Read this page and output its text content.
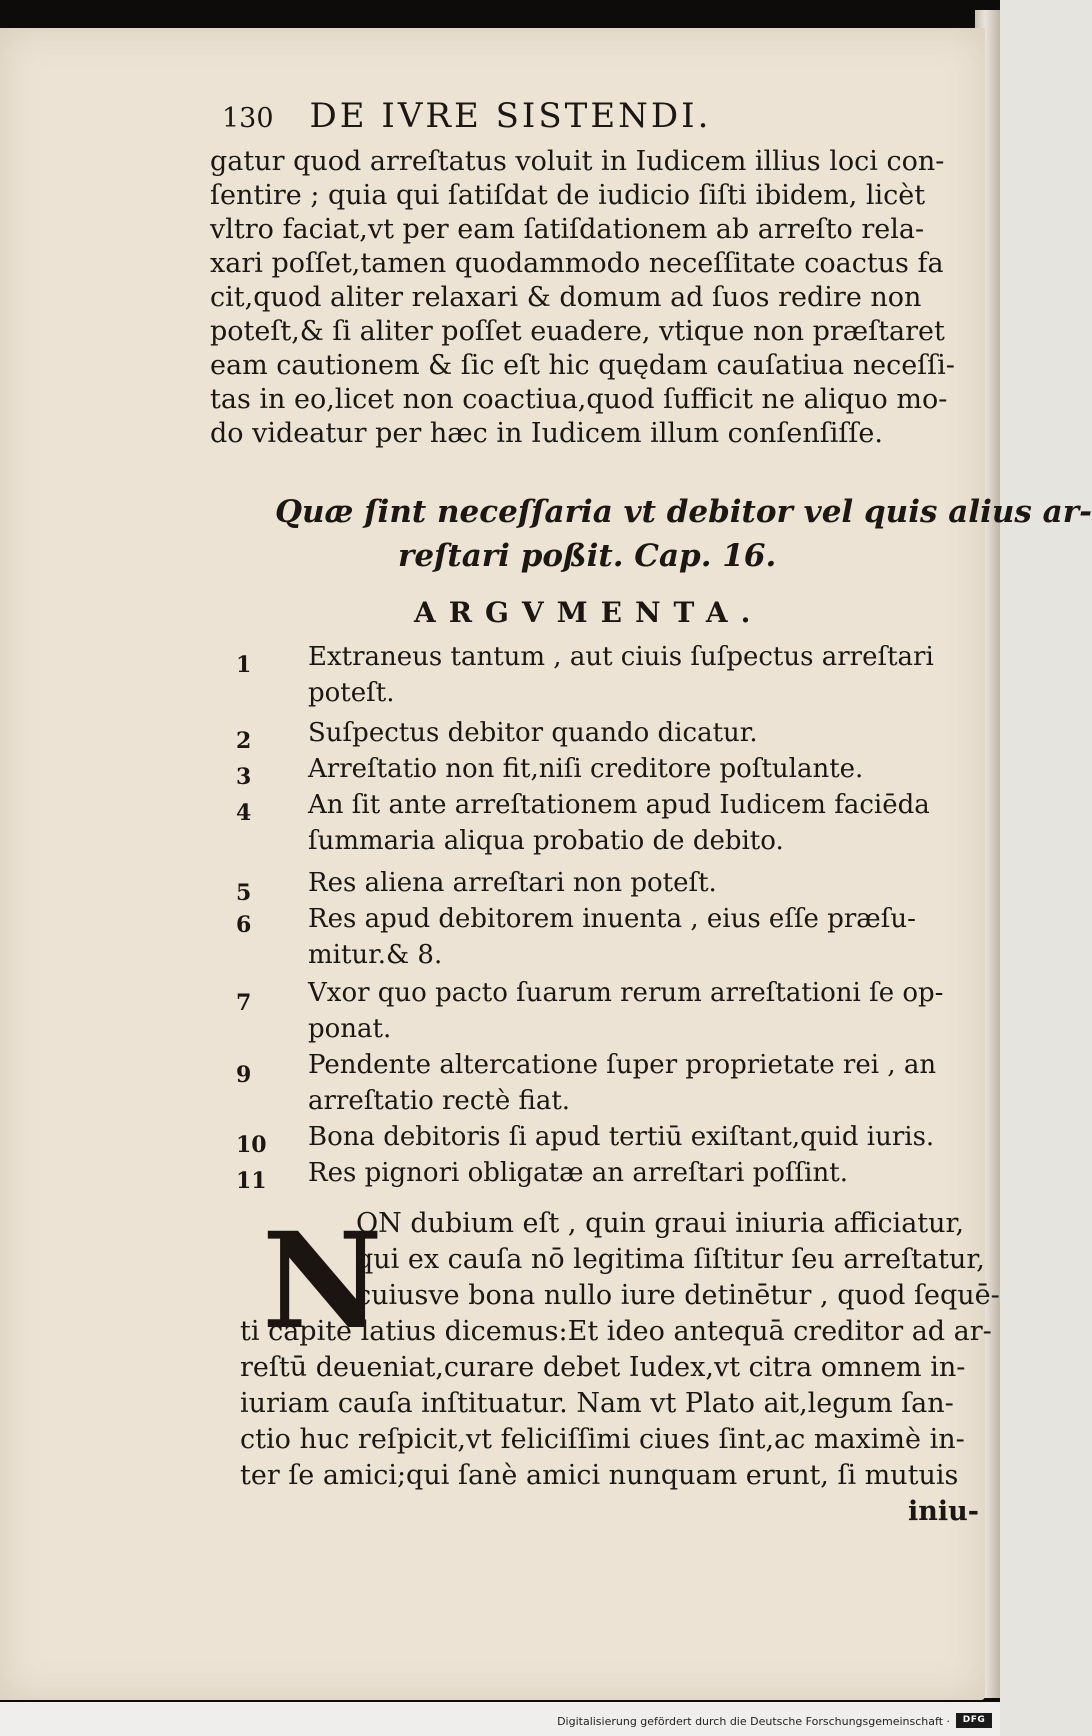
130 DE IVRE SISTENDI.
gatur quod arreſtatus voluit in Iudicem illius loci con-
ſentire ; quia qui ſatiſdat de iudicio ſiſti ibidem, licèt
vltro faciat,vt per eam ſatiſdationem ab arreſto rela-
xari poſſet,tamen quodammodo neceſſitate coactus fa
cit,quod aliter relaxari & domum ad ſuos redire non
poteſt,& ſi aliter poſſet euadere, vtique non præſtaret
eam cautionem & ſic eſt hic quędam cauſatiua neceſſi-
tas in eo,licet non coactiua,quod ſufficit ne aliquo mo-
do videatur per hæc in Iudicem illum conſenſiſſe.
Quæ ſint neceſſaria vt debitor vel quis alius ar-
reſtari poßit. Cap. 16.
ARGVMENTA.
1 Extraneus tantum , aut ciuis ſuſpectus arreſtari
poteſt.
2 Suſpectus debitor quando dicatur.
3 Arreſtatio non fit,niſi creditore poſtulante.
4 An ſit ante arreſtationem apud Iudicem faciēda
ſummaria aliqua probatio de debito.
5 Res aliena arreſtari non poteſt.
6 Res apud debitorem inuenta , eius eſſe præſu-
mitur.& 8.
7 Vxor quo pacto ſuarum rerum arreſtationi ſe op-
ponat.
9 Pendente altercatione ſuper proprietate rei , an
arreſtatio rectè fiat.
10 Bona debitoris ſi apud tertiū exiſtant,quid iuris.
11 Res pignori obligatæ an arreſtari poſſint.
N
ON dubium eſt , quin graui iniuria afficiatur,
qui ex cauſa nō legitima ſiſtitur ſeu arreſtatur,
cuiusve bona nullo iure detinētur , quod ſequē-
ti capite latius dicemus:Et ideo antequā creditor ad ar-
reſtū deueniat,curare debet Iudex,vt citra omnem in-
iuriam cauſa inſtituatur. Nam vt Plato ait,legum ſan-
ctio huc reſpicit,vt feliciſſimi ciues ſint,ac maximè in-
ter ſe amici;qui ſanè amici nunquam erunt, ſi mutuis
iniu-
Digitalisierung gefördert durch die Deutsche Forschungsgemeinschaft ·	DFG
